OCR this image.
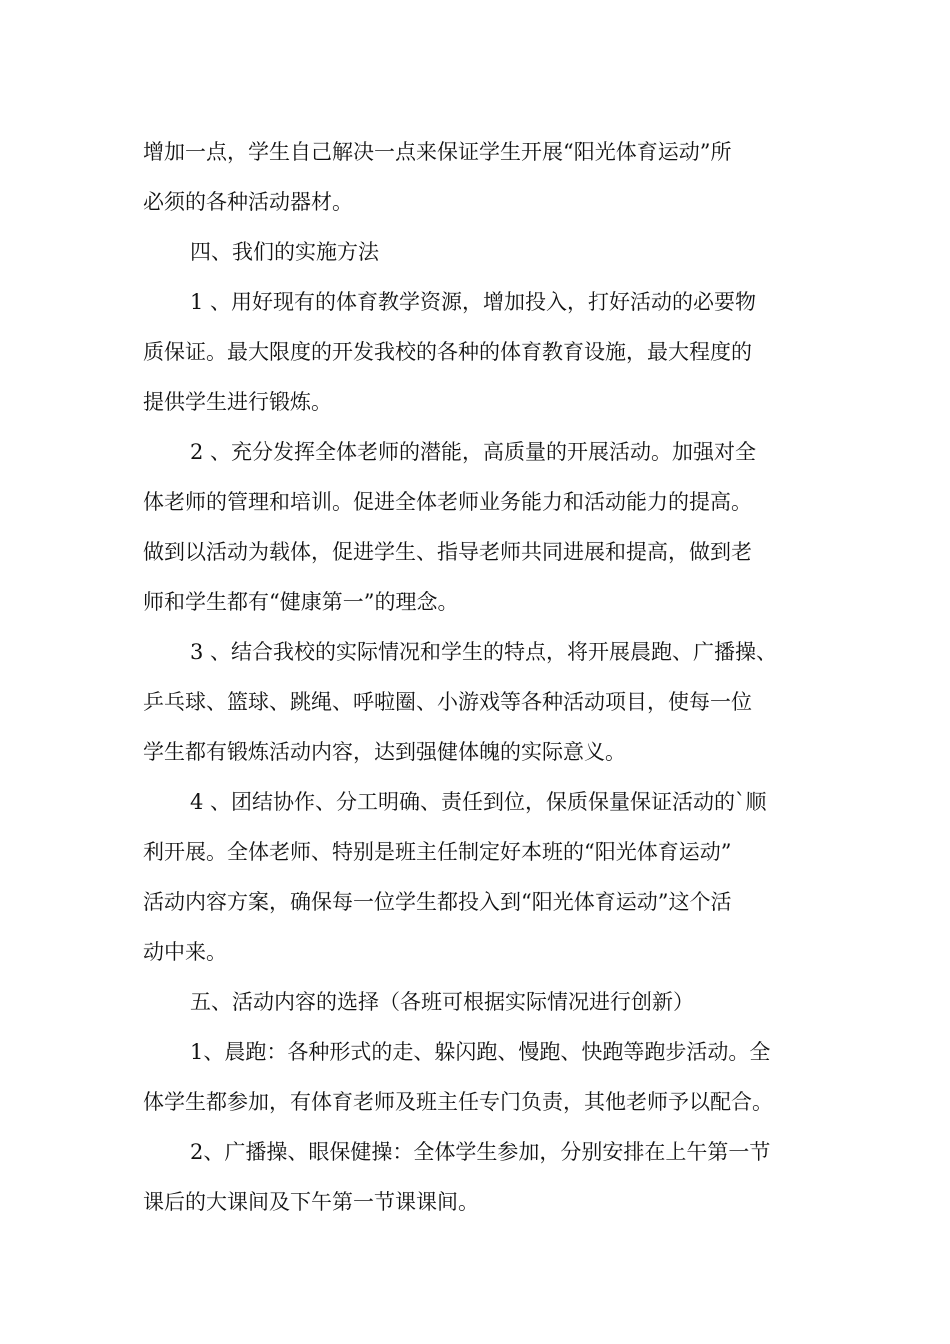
增加一点，学生自己解决一点来保证学生开展“阳光体育运动”所

必须的各种活动器材。

四、我们的实施方法

1 、用好现有的体育教学资源，增加投入，打好活动的必要物

质保证。最大限度的开发我校的各种的体育教育设施，最大程度的

提供学生进行锻炼。

2 、充分发挥全体老师的潜能，高质量的开展活动。加强对全

体老师的管理和培训。促进全体老师业务能力和活动能力的提高。

做到以活动为载体，促进学生、指导老师共同进展和提高，做到老

师和学生都有“健康第一”的理念。

3 、结合我校的实际情况和学生的特点，将开展晨跑、广播操、

乒乓球、篮球、跳绳、呼啦圈、小游戏等各种活动项目，使每一位

学生都有锻炼活动内容，达到强健体魄的实际意义。

4 、团结协作、分工明确、责任到位，保质保量保证活动的`顺

利开展。全体老师、特别是班主任制定好本班的“阳光体育运动”

活动内容方案，确保每一位学生都投入到“阳光体育运动”这个活

动中来。

五、活动内容的选择（各班可根据实际情况进行创新）

1、晨跑：各种形式的走、躲闪跑、慢跑、快跑等跑步活动。全

体学生都参加，有体育老师及班主任专门负责，其他老师予以配合。

2、广播操、眼保健操：全体学生参加，分别安排在上午第一节

课后的大课间及下午第一节课课间。
